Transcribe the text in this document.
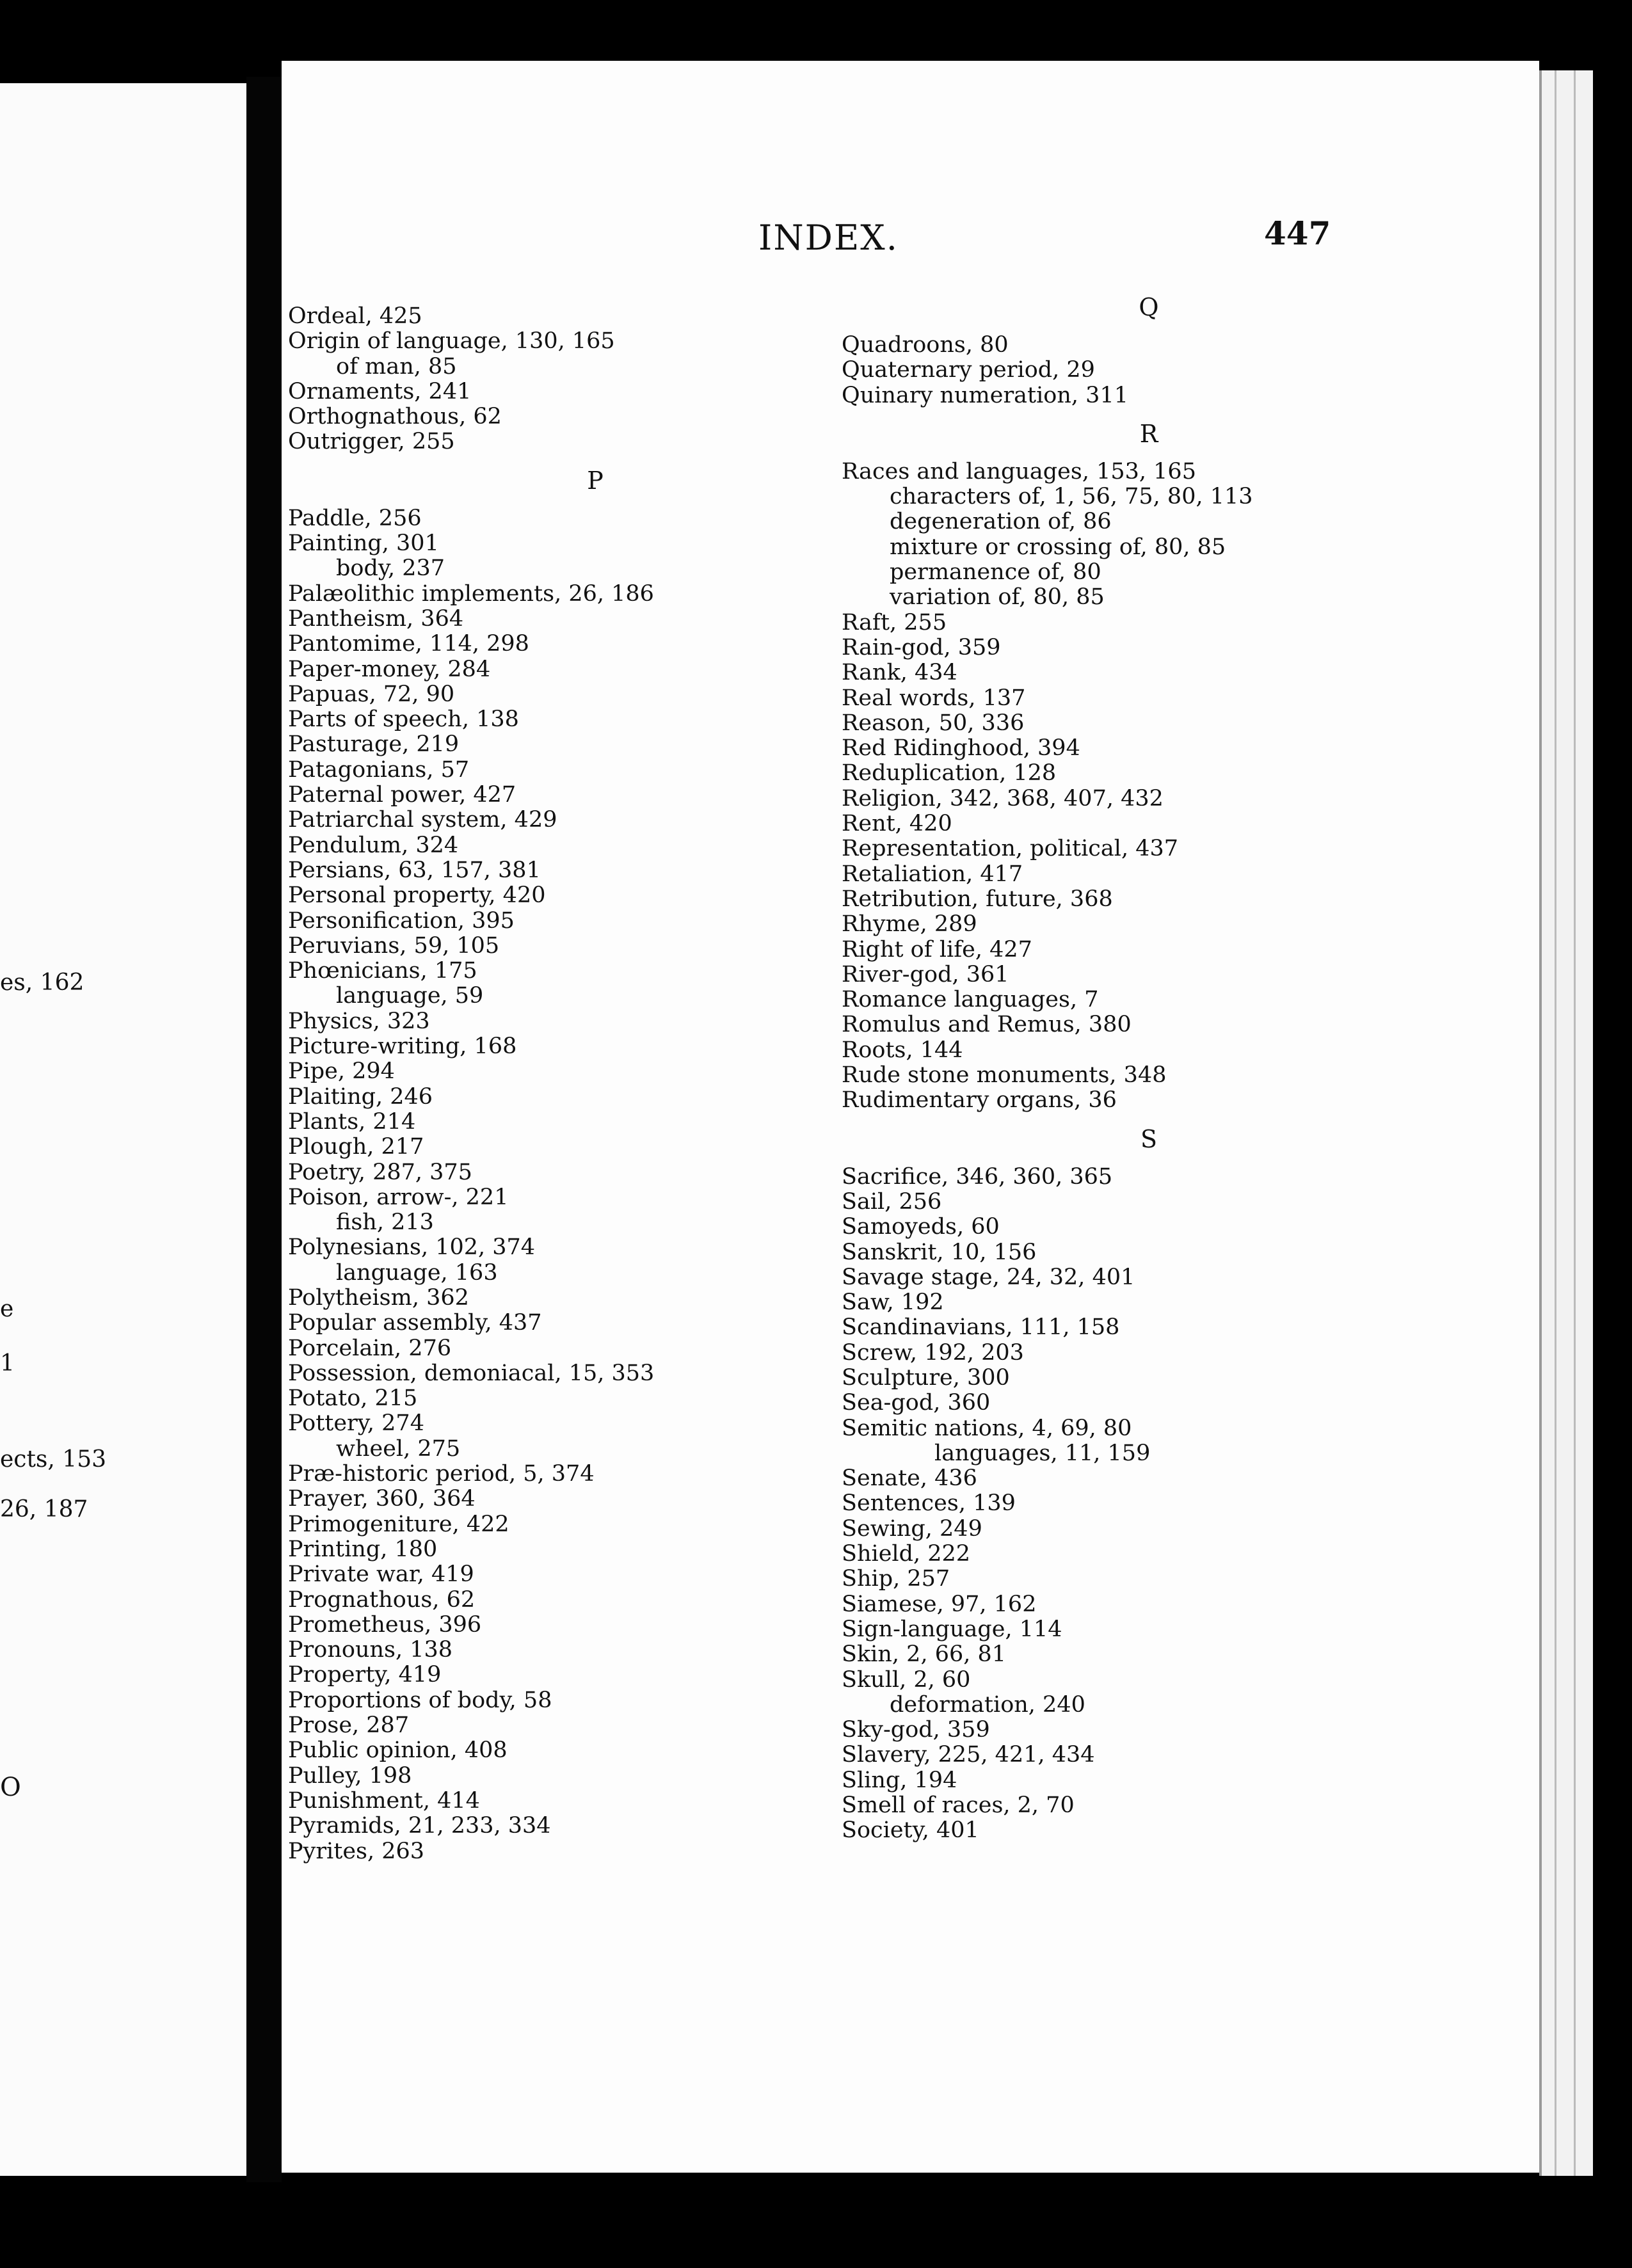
es, 162
e
1
ects, 153
26, 187
O
INDEX.	447
Ordeal, 425
Origin of language, 130, 165
of man, 85
Ornaments, 241
Orthognathous, 62
Outrigger, 255
P
Paddle, 256
Painting, 301
body, 237
Palæolithic implements, 26, 186
Pantheism, 364
Pantomime, 114, 298
Paper-money, 284
Papuas, 72, 90
Parts of speech, 138
Pasturage, 219
Patagonians, 57
Paternal power, 427
Patriarchal system, 429
Pendulum, 324
Persians, 63, 157, 381
Personal property, 420
Personification, 395
Peruvians, 59, 105
Phœnicians, 175
language, 59
Physics, 323
Picture-writing, 168
Pipe, 294
Plaiting, 246
Plants, 214
Plough, 217
Poetry, 287, 375
Poison, arrow-, 221
fish, 213
Polynesians, 102, 374
language, 163
Polytheism, 362
Popular assembly, 437
Porcelain, 276
Possession, demoniacal, 15, 353
Potato, 215
Pottery, 274
wheel, 275
Præ-historic period, 5, 374
Prayer, 360, 364
Primogeniture, 422
Printing, 180
Private war, 419
Prognathous, 62
Prometheus, 396
Pronouns, 138
Property, 419
Proportions of body, 58
Prose, 287
Public opinion, 408
Pulley, 198
Punishment, 414
Pyramids, 21, 233, 334
Pyrites, 263
Q
Quadroons, 80
Quaternary period, 29
Quinary numeration, 311
R
Races and languages, 153, 165
characters of, 1, 56, 75, 80, 113
degeneration of, 86
mixture or crossing of, 80, 85
permanence of, 80
variation of, 80, 85
Raft, 255
Rain-god, 359
Rank, 434
Real words, 137
Reason, 50, 336
Red Ridinghood, 394
Reduplication, 128
Religion, 342, 368, 407, 432
Rent, 420
Representation, political, 437
Retaliation, 417
Retribution, future, 368
Rhyme, 289
Right of life, 427
River-god, 361
Romance languages, 7
Romulus and Remus, 380
Roots, 144
Rude stone monuments, 348
Rudimentary organs, 36
S
Sacrifice, 346, 360, 365
Sail, 256
Samoyeds, 60
Sanskrit, 10, 156
Savage stage, 24, 32, 401
Saw, 192
Scandinavians, 111, 158
Screw, 192, 203
Sculpture, 300
Sea-god, 360
Semitic nations, 4, 69, 80
languages, 11, 159
Senate, 436
Sentences, 139
Sewing, 249
Shield, 222
Ship, 257
Siamese, 97, 162
Sign-language, 114
Skin, 2, 66, 81
Skull, 2, 60
deformation, 240
Sky-god, 359
Slavery, 225, 421, 434
Sling, 194
Smell of races, 2, 70
Society, 401
